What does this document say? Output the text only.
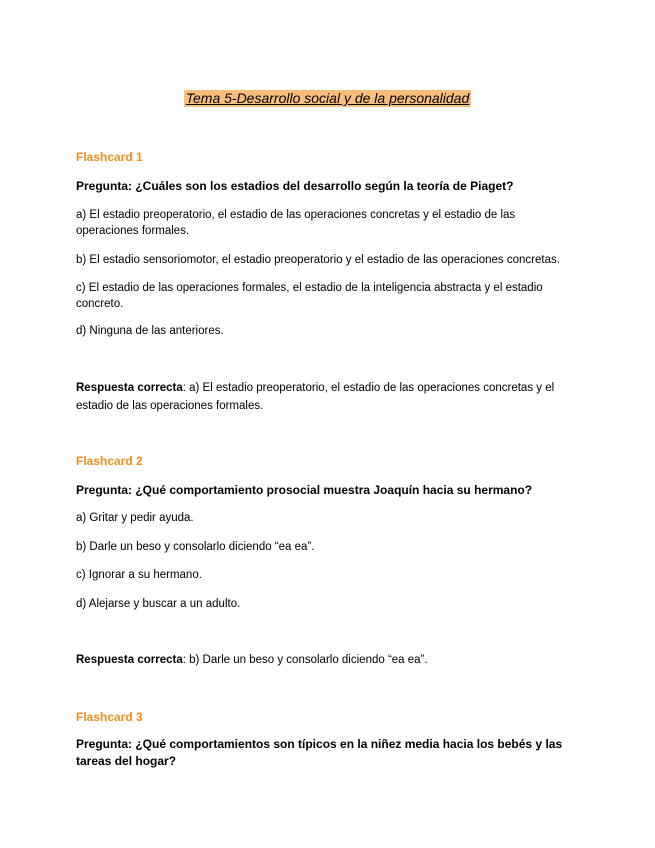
Tema 5-Desarrollo social y de la personalidad

Flashcard 1

Pregunta: ¿Cuáles son los estadios del desarrollo según la teoría de Piaget?

a) El estadio preoperatorio, el estadio de las operaciones concretas y el estadio de las operaciones formales.

b) El estadio sensoriomotor, el estadio preoperatorio y el estadio de las operaciones concretas.

c) El estadio de las operaciones formales, el estadio de la inteligencia abstracta y el estadio concreto.

d) Ninguna de las anteriores.

Respuesta correcta: a) El estadio preoperatorio, el estadio de las operaciones concretas y el estadio de las operaciones formales.

Flashcard 2

Pregunta: ¿Qué comportamiento prosocial muestra Joaquín hacia su hermano?

a) Gritar y pedir ayuda.

b) Darle un beso y consolarlo diciendo “ea ea”.

c) Ignorar a su hermano.

d) Alejarse y buscar a un adulto.

Respuesta correcta: b) Darle un beso y consolarlo diciendo “ea ea”.

Flashcard 3

Pregunta: ¿Qué comportamientos son típicos en la niñez media hacia los bebés y las tareas del hogar?
